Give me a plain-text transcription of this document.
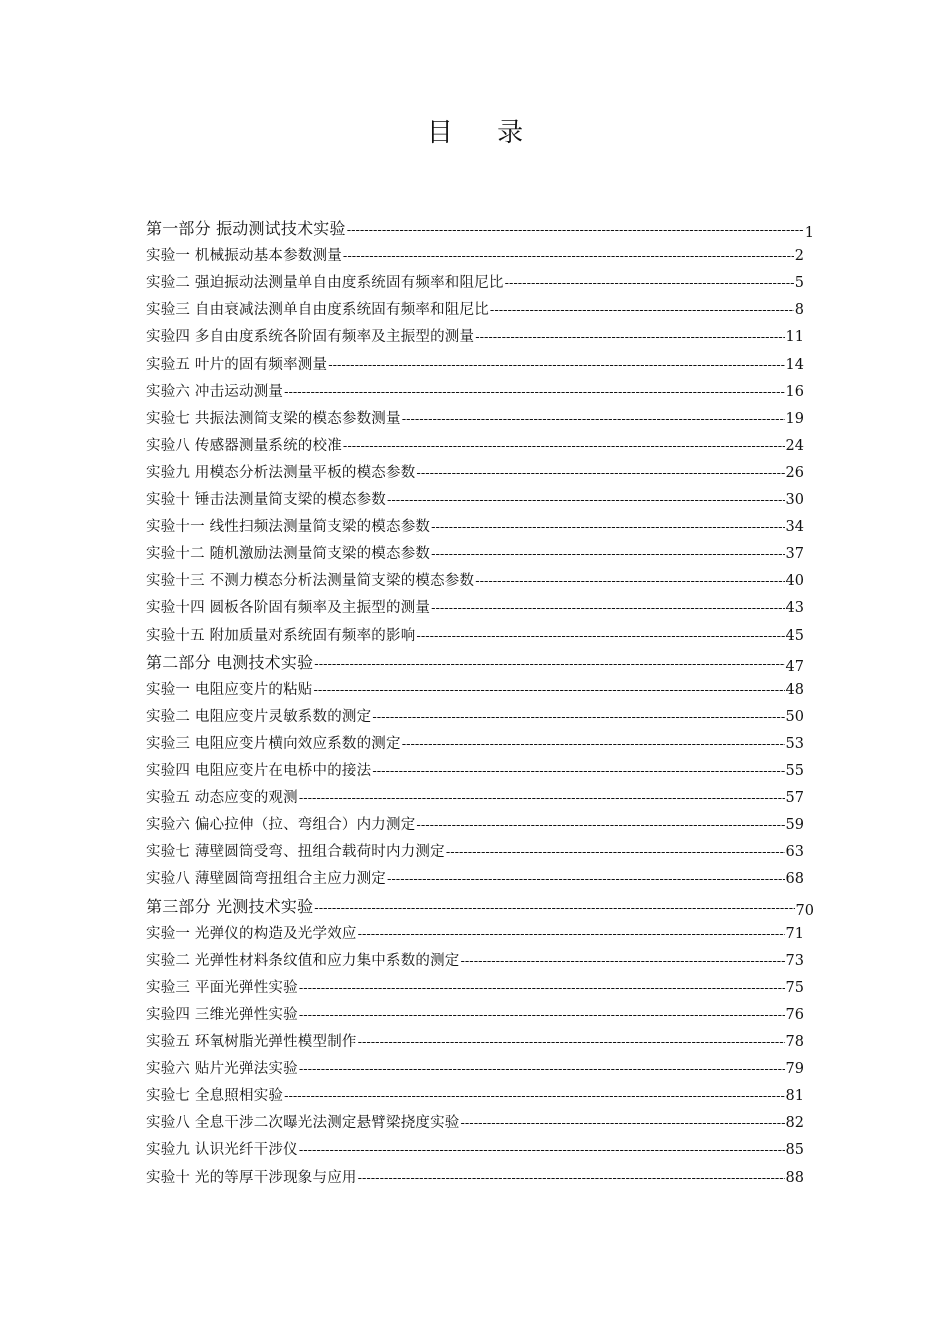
目 录
第一部分 振动测试技术实验 -----	1
实验一 机械振动基本参数测量 -----	2
实验二 强迫振动法测量单自由度系统固有频率和阻尼比 -----	5
实验三 自由衰减法测单自由度系统固有频率和阻尼比 -----	8
实验四 多自由度系统各阶固有频率及主振型的测量 -----	11
实验五 叶片的固有频率测量 -----	14
实验六 冲击运动测量 -----	16
实验七 共振法测简支梁的模态参数测量 -----	19
实验八 传感器测量系统的校准 -----	24
实验九 用模态分析法测量平板的模态参数 -----	26
实验十 锤击法测量简支梁的模态参数 -----	30
实验十一 线性扫频法测量简支梁的模态参数 -----	34
实验十二 随机激励法测量简支梁的模态参数 -----	37
实验十三 不测力模态分析法测量简支梁的模态参数 -----	40
实验十四 圆板各阶固有频率及主振型的测量 -----	43
实验十五 附加质量对系统固有频率的影响 -----	45
第二部分 电测技术实验 -----	47
实验一 电阻应变片的粘贴 -----	48
实验二 电阻应变片灵敏系数的测定 -----	50
实验三 电阻应变片横向效应系数的测定 -----	53
实验四 电阻应变片在电桥中的接法 -----	55
实验五 动态应变的观测 -----	57
实验六 偏心拉伸（拉、弯组合）内力测定 -----	59
实验七 薄壁圆筒受弯、扭组合载荷时内力测定 -----	63
实验八 薄壁圆筒弯扭组合主应力测定 -----	68
第三部分 光测技术实验 -----	70
实验一 光弹仪的构造及光学效应 -----	71
实验二 光弹性材料条纹值和应力集中系数的测定 -----	73
实验三 平面光弹性实验 -----	75
实验四 三维光弹性实验 -----	76
实验五 环氧树脂光弹性模型制作 -----	78
实验六 贴片光弹法实验 -----	79
实验七 全息照相实验 -----	81
实验八 全息干涉二次曝光法测定悬臂梁挠度实验 -----	82
实验九 认识光纤干涉仪 -----	85
实验十 光的等厚干涉现象与应用 -----	88
